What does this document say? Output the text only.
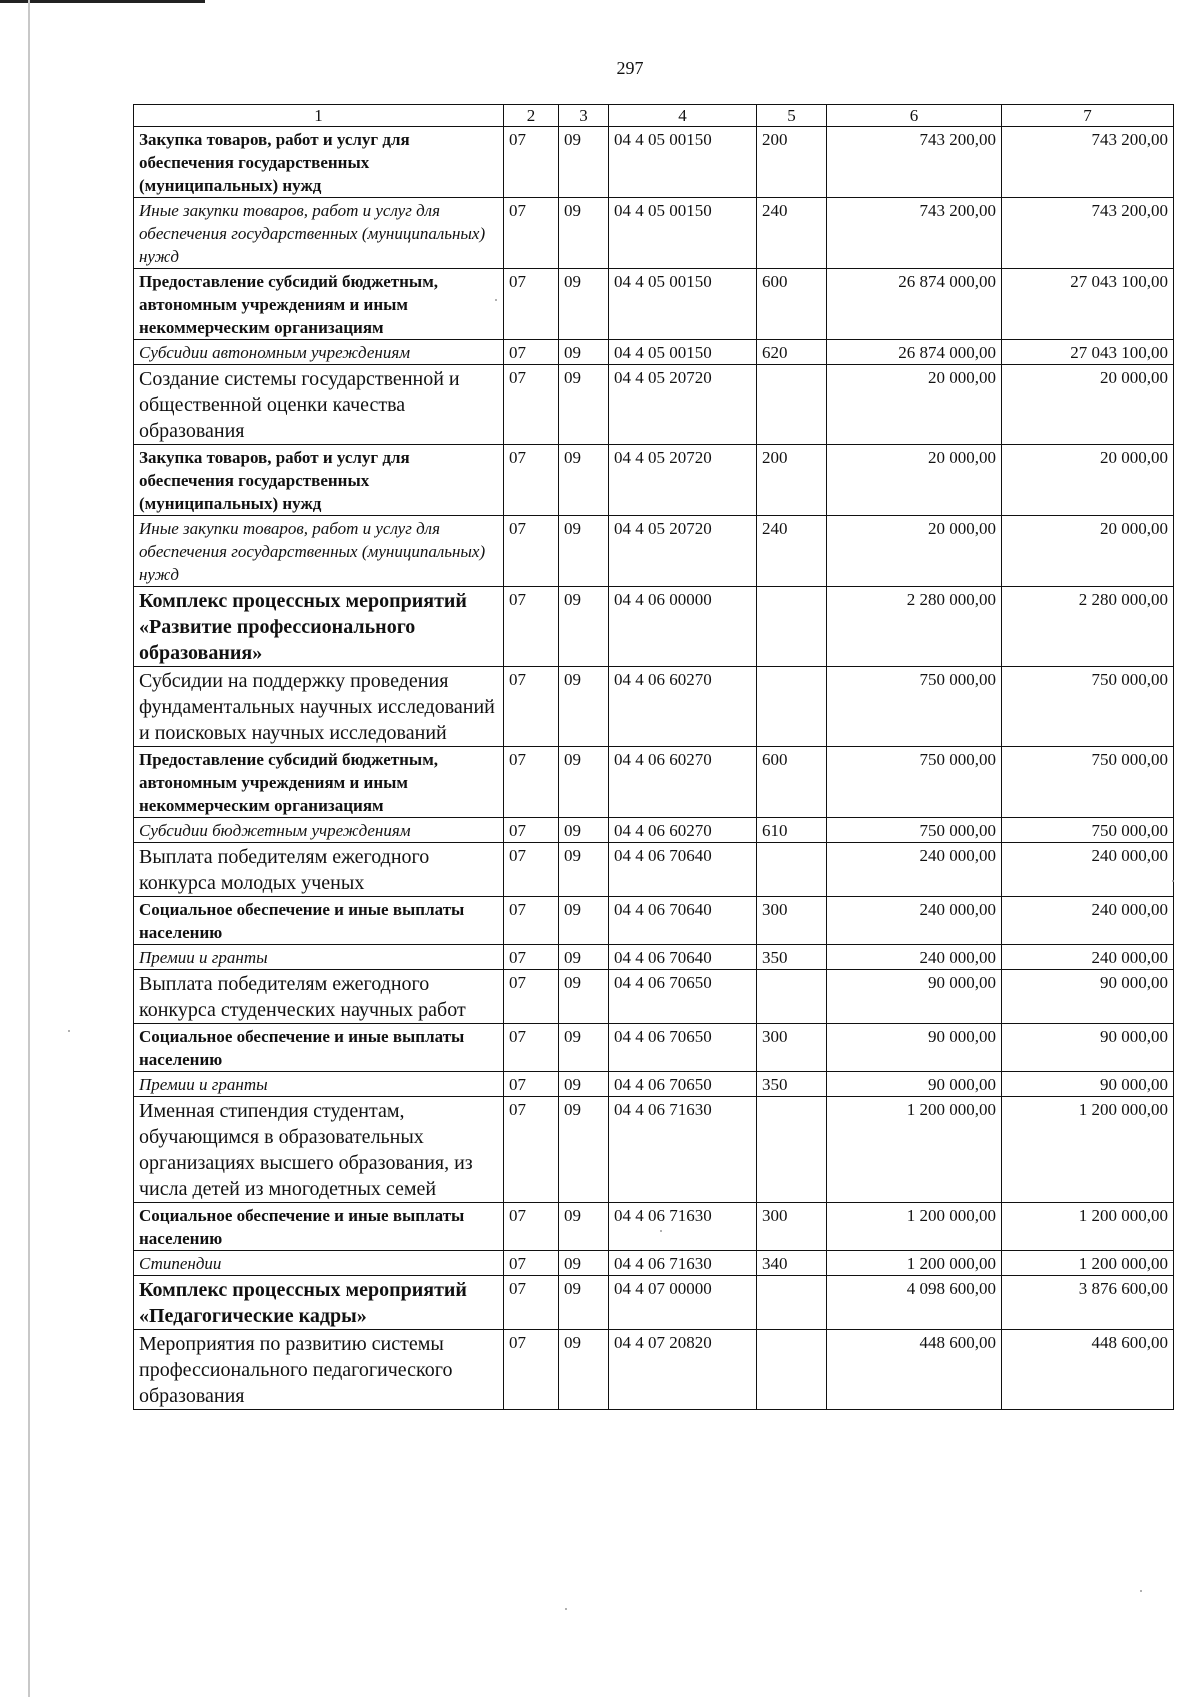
297
1	2	3	4	5	6	7
Закупка товаров, работ и услуг для обеспечения государственных (муниципальных) нужд	07	09	04 4 05 00150	200	743 200,00	743 200,00
Иные закупки товаров, работ и услуг для обеспечения государственных (муниципальных) нужд	07	09	04 4 05 00150	240	743 200,00	743 200,00
Предоставление субсидий бюджетным, автономным учреждениям и иным некоммерческим организациям	07	09	04 4 05 00150	600	26 874 000,00	27 043 100,00
Субсидии автономным учреждениям	07	09	04 4 05 00150	620	26 874 000,00	27 043 100,00
Создание системы государственной и общественной оценки качества образования	07	09	04 4 05 20720		20 000,00	20 000,00
Закупка товаров, работ и услуг для обеспечения государственных (муниципальных) нужд	07	09	04 4 05 20720	200	20 000,00	20 000,00
Иные закупки товаров, работ и услуг для обеспечения государственных (муниципальных) нужд	07	09	04 4 05 20720	240	20 000,00	20 000,00
Комплекс процессных мероприятий «Развитие профессионального образования»	07	09	04 4 06 00000		2 280 000,00	2 280 000,00
Субсидии на поддержку проведения фундаментальных научных исследований и поисковых научных исследований	07	09	04 4 06 60270		750 000,00	750 000,00
Предоставление субсидий бюджетным, автономным учреждениям и иным некоммерческим организациям	07	09	04 4 06 60270	600	750 000,00	750 000,00
Субсидии бюджетным учреждениям	07	09	04 4 06 60270	610	750 000,00	750 000,00
Выплата победителям ежегодного конкурса молодых ученых	07	09	04 4 06 70640		240 000,00	240 000,00
Социальное обеспечение и иные выплаты населению	07	09	04 4 06 70640	300	240 000,00	240 000,00
Премии и гранты	07	09	04 4 06 70640	350	240 000,00	240 000,00
Выплата победителям ежегодного конкурса студенческих научных работ	07	09	04 4 06 70650		90 000,00	90 000,00
Социальное обеспечение и иные выплаты населению	07	09	04 4 06 70650	300	90 000,00	90 000,00
Премии и гранты	07	09	04 4 06 70650	350	90 000,00	90 000,00
Именная стипендия студентам, обучающимся в образовательных организациях высшего образования, из числа детей из многодетных семей	07	09	04 4 06 71630		1 200 000,00	1 200 000,00
Социальное обеспечение и иные выплаты населению	07	09	04 4 06 71630	300	1 200 000,00	1 200 000,00
Стипендии	07	09	04 4 06 71630	340	1 200 000,00	1 200 000,00
Комплекс процессных мероприятий «Педагогические кадры»	07	09	04 4 07 00000		4 098 600,00	3 876 600,00
Мероприятия по развитию системы профессионального педагогического образования	07	09	04 4 07 20820		448 600,00	448 600,00
